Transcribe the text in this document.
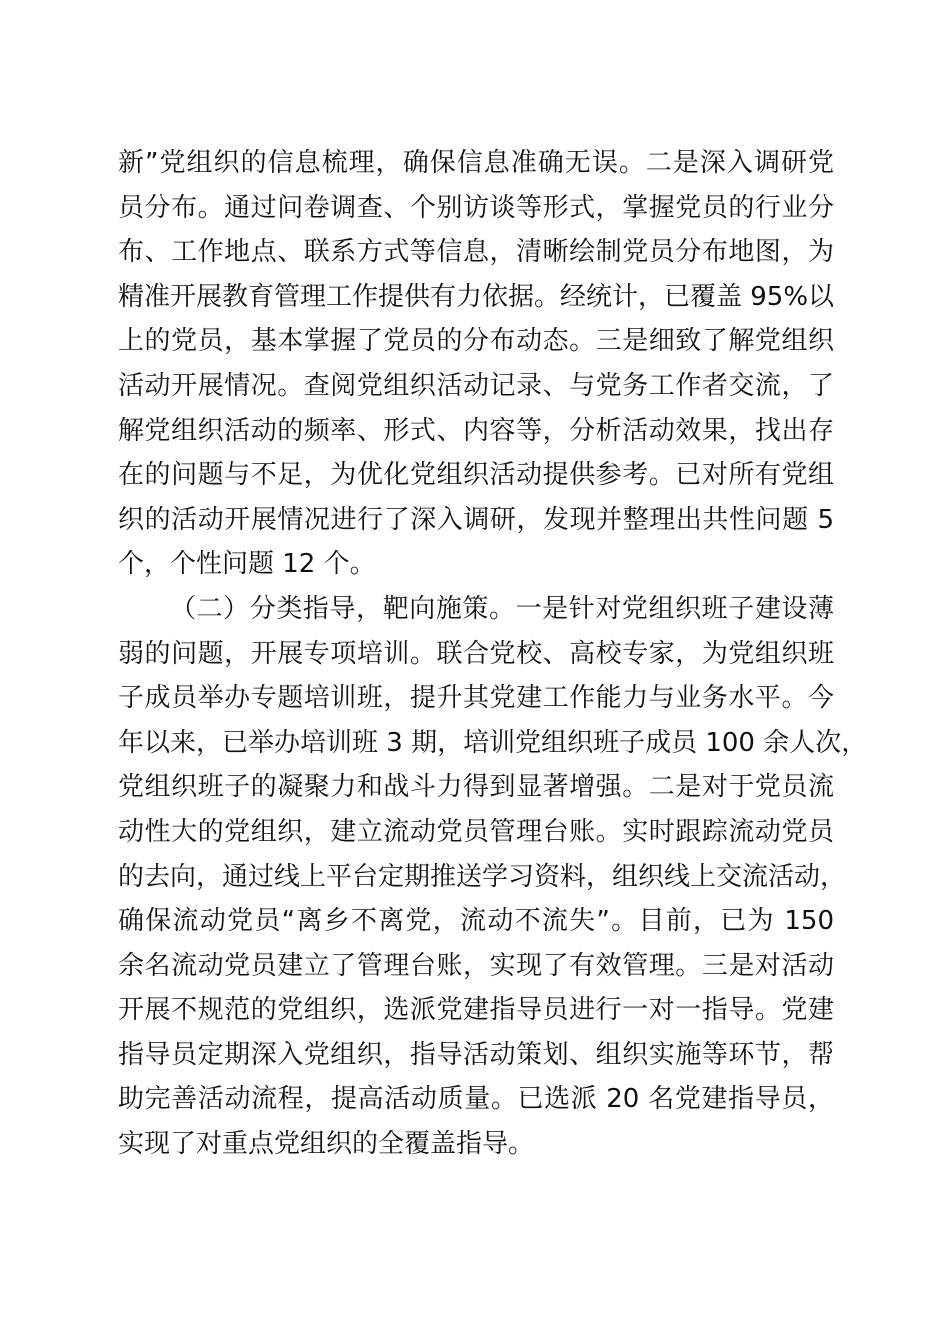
新”党组织的信息梳理，确保信息准确无误。二是深入调研党
员分布。通过问卷调查、个别访谈等形式，掌握党员的行业分
布、工作地点、联系方式等信息，清晰绘制党员分布地图，为
精准开展教育管理工作提供有力依据。经统计，已覆盖 95%以
上的党员，基本掌握了党员的分布动态。三是细致了解党组织
活动开展情况。查阅党组织活动记录、与党务工作者交流，了
解党组织活动的频率、形式、内容等，分析活动效果，找出存
在的问题与不足，为优化党组织活动提供参考。已对所有党组
织的活动开展情况进行了深入调研，发现并整理出共性问题 5
个，个性问题 12 个。
（二）分类指导，靶向施策。一是针对党组织班子建设薄
弱的问题，开展专项培训。联合党校、高校专家，为党组织班
子成员举办专题培训班，提升其党建工作能力与业务水平。今
年以来，已举办培训班 3 期，培训党组织班子成员 100 余人次，
党组织班子的凝聚力和战斗力得到显著增强。二是对于党员流
动性大的党组织，建立流动党员管理台账。实时跟踪流动党员
的去向，通过线上平台定期推送学习资料，组织线上交流活动，
确保流动党员“离乡不离党，流动不流失”。目前，已为 150
余名流动党员建立了管理台账，实现了有效管理。三是对活动
开展不规范的党组织，选派党建指导员进行一对一指导。党建
指导员定期深入党组织，指导活动策划、组织实施等环节，帮
助完善活动流程，提高活动质量。已选派 20 名党建指导员，
实现了对重点党组织的全覆盖指导。
